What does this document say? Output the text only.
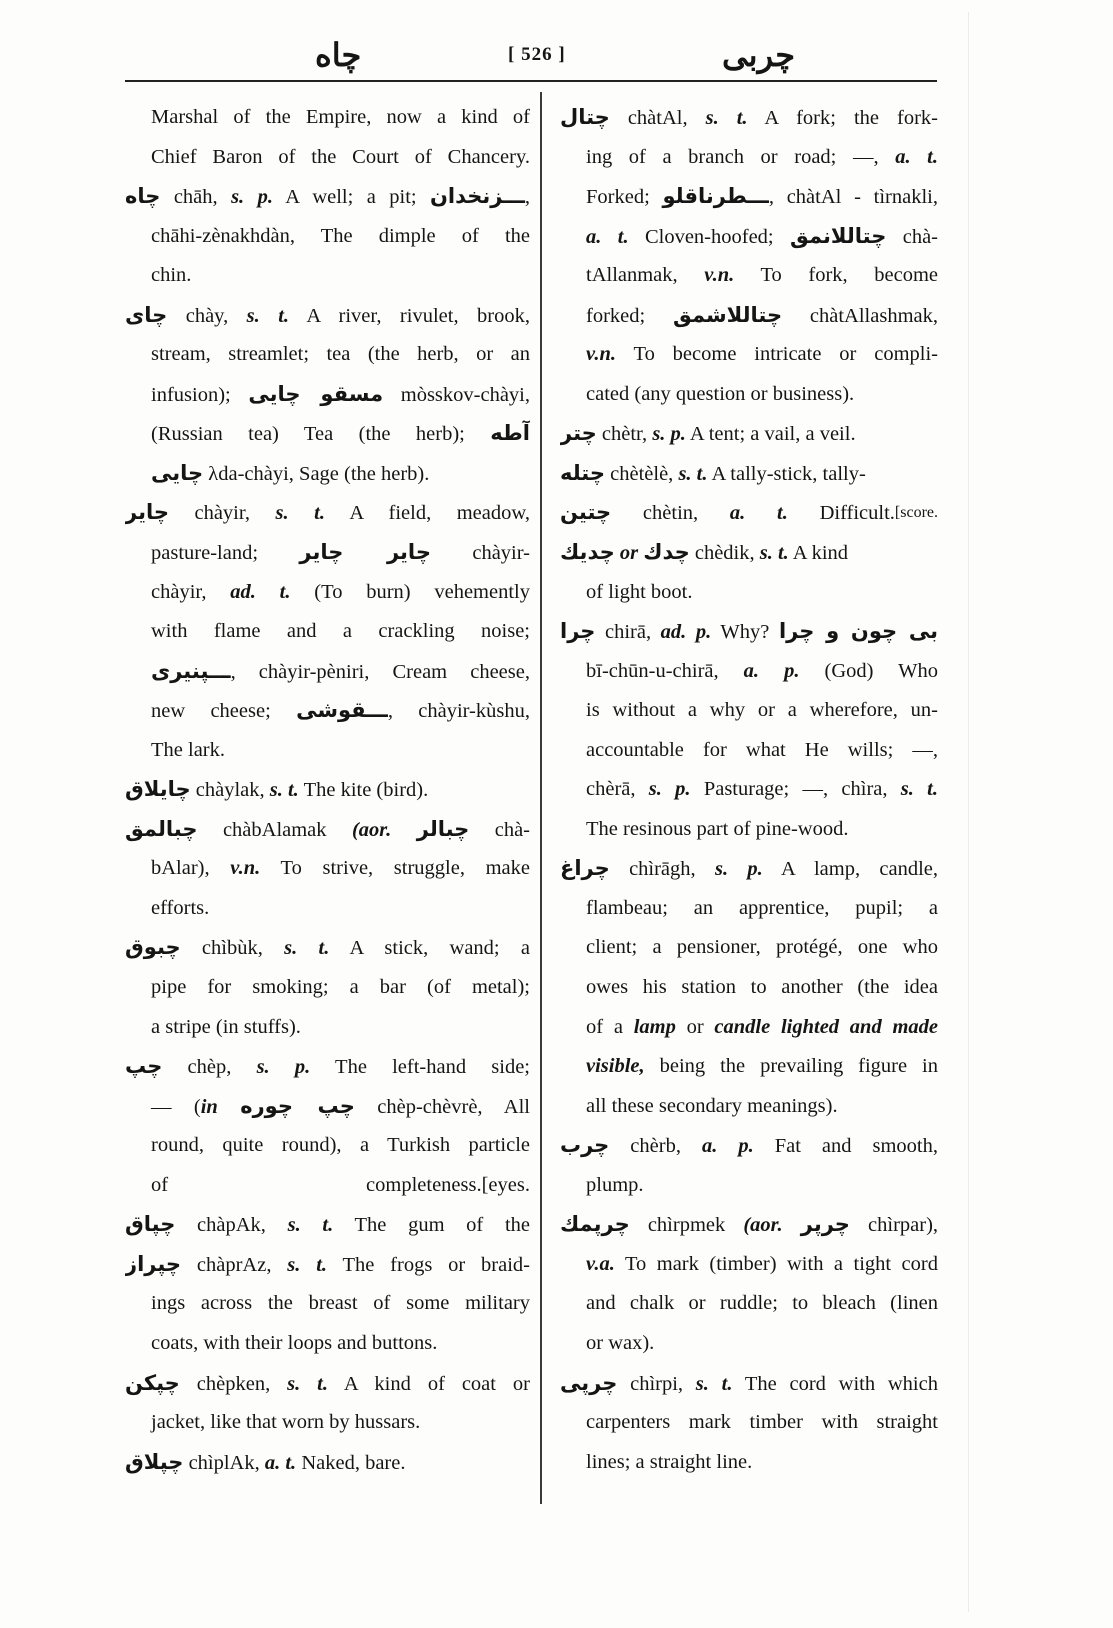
چاه	[ 526 ]	چربی
Marshal of the Empire, now a kind of
Chief Baron of the Court of Chancery.
چاه chāh, s. p. A well; a pit; ـــزنخدان,
chāhi-zènakhdàn, The dimple of the
chin.
چای chày, s. t. A river, rivulet, brook,
stream, streamlet; tea (the herb, or an
infusion); مسقو چایی mòsskov-chàyi,
(Russian tea) Tea (the herb); آطه
چایی λda-chàyi, Sage (the herb).
چایر chàyir, s. t. A field, meadow,
pasture-land; چایر چایر chàyir-
chàyir, ad. t. (To burn) vehemently
with flame and a crackling noise;
ـــپنیری, chàyir-pèniri, Cream cheese,
new cheese; ـــقوشی, chàyir-kùshu,
The lark.
چایلاق chàylak, s. t. The kite (bird).
چبالمق chàbAlamak (aor. چبالر chà-
bAlar), v.n. To strive, struggle, make
efforts.
چبوق chìbùk, s. t. A stick, wand; a
pipe for smoking; a bar (of metal);
a stripe (in stuffs).
چپ chèp, s. p. The left-hand side;
— (in چپ چوره chèp-chèvrè, All
round, quite round), a Turkish particle
of completeness. [eyes.
چپاق chàpAk, s. t. The gum of the
چپراز chàprAz, s. t. The frogs or braid-
ings across the breast of some military
coats, with their loops and buttons.
چپکن chèpken, s. t. A kind of coat or
jacket, like that worn by hussars.
چپلاق chìplAk, a. t. Naked, bare.
چتال chàtAl, s. t. A fork; the fork-
ing of a branch or road; —, a. t.
Forked; ـــطرناقلو, chàtAl - tìrnakli,
a. t. Cloven-hoofed; چتاللانمق chà-
tAllanmak, v.n. To fork, become
forked; چتاللاشمق chàtAllashmak,
v.n. To become intricate or compli-
cated (any question or business).
چتر chètr, s. p. A tent; a vail, a veil.
چتله chètèlè, s. t. A tally-stick, tally-
چتین chètin, a. t. Difficult. [score.
چدیك or چدك chèdik, s. t. A kind
of light boot.
چرا chirā, ad. p. Why? بی چون و چرا
bī-chūn-u-chirā, a. p. (God) Who
is without a why or a wherefore, un-
accountable for what He wills; —,
chèrā, s. p. Pasturage; —, chìra, s. t.
The resinous part of pine-wood.
چراغ chìrāgh, s. p. A lamp, candle,
flambeau; an apprentice, pupil; a
client; a pensioner, protégé, one who
owes his station to another (the idea
of a lamp or candle lighted and made
visible, being the prevailing figure in
all these secondary meanings).
چرب chèrb, a. p. Fat and smooth,
plump.
چرپمك chìrpmek (aor. چرپر chìrpar),
v.a. To mark (timber) with a tight cord
and chalk or ruddle; to bleach (linen
or wax).
چرپی chìrpi, s. t. The cord with which
carpenters mark timber with straight
lines; a straight line.
